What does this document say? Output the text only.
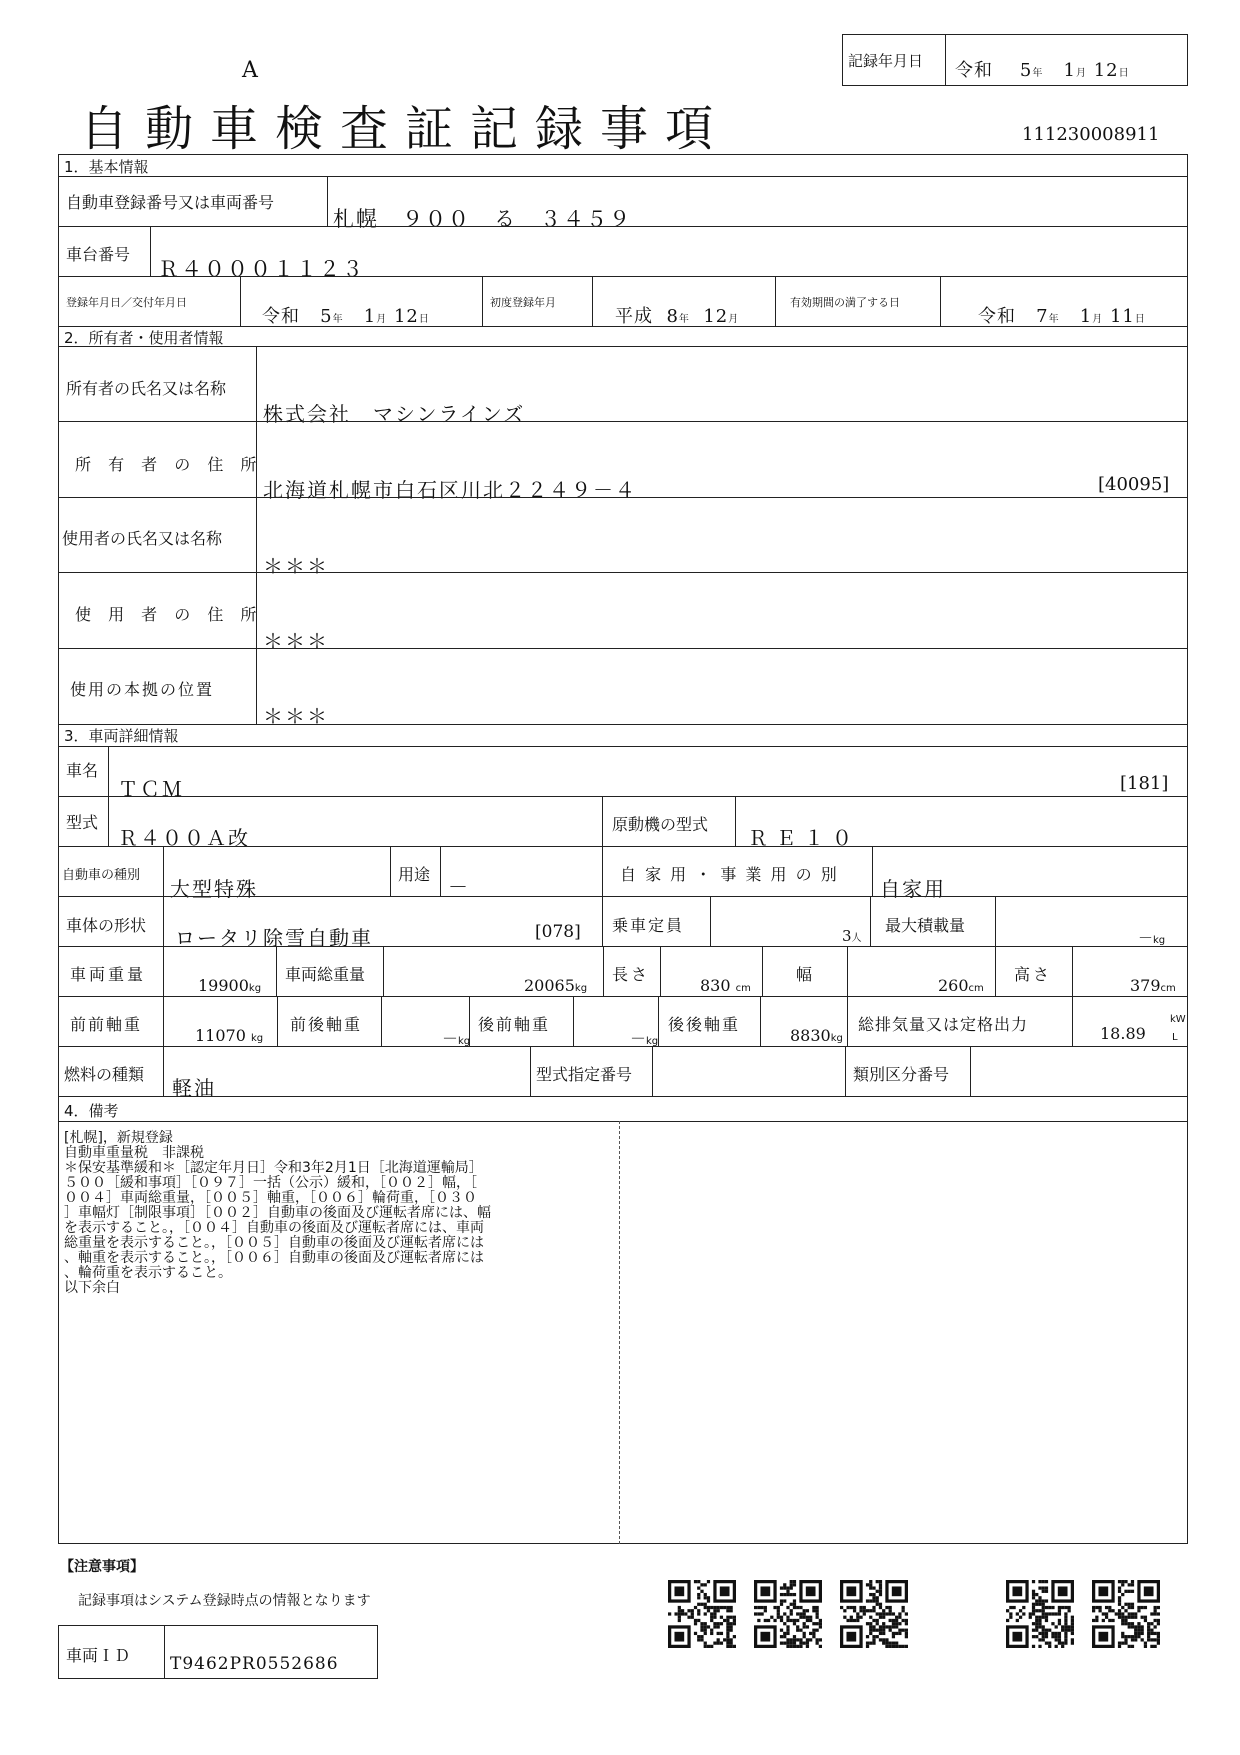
A
自動車検査証記録事項
記録年月日 令和 5年 1月 12日
111230008911
1．基本情報
自動車登録番号又は車両番号
札幌　９００　る　３４５９
車台番号
Ｒ４０００１１２３
登録年月日／交付年月日
令和 5年 1月 12日
初度登録年月
平成 8年 12月
有効期間の満了する日
令和 7年 1月 11日
2．所有者・使用者情報
所有者の氏名又は名称
株式会社　マシンラインズ
所 有 者 の 住 所
北海道札幌市白石区川北２２４９－４	[40095]
使用者の氏名又は名称
＊＊＊
使 用 者 の 住 所
＊＊＊
使用の本拠の位置
＊＊＊
3．車両詳細情報
車名
ＴＣＭ	[181]
型式
Ｒ４００Ａ改
原動機の型式
ＲＥ１０
自動車の種別
大型特殊
用途
－
自 家 用 ・ 事 業 用 の 別
自家用
車体の形状
ロータリ除雪自動車	[078] 乗車定員
3人
最大積載量
－kg
車両重量
19900kg
車両総重量
20065kg
長さ
830 cm
幅
260cm
高さ
379cm
前前軸重
11070 kg
前後軸重
－kg
後前軸重
－kg
後後軸重
8830kg
総排気量又は定格出力	18.89
kW
L
燃料の種類
軽油
型式指定番号	類別区分番号
4．備考
[札幌]，新規登録
自動車重量税　非課税
＊保安基準緩和＊［認定年月日］令和3年2月1日［北海道運輸局］
５００［緩和事項］［０９７］一括（公示）緩和，［００２］幅，［
００４］車両総重量，［００５］軸重，［００６］輪荷重，［０３０
］車幅灯［制限事項］［００２］自動車の後面及び運転者席には、幅
を表示すること。，［００４］自動車の後面及び運転者席には、車両
総重量を表示すること。，［００５］自動車の後面及び運転者席には
、軸重を表示すること。，［００６］自動車の後面及び運転者席には
、輪荷重を表示すること。
以下余白
【注意事項】
記録事項はシステム登録時点の情報となります
車両ＩＤ T9462PR0552686
